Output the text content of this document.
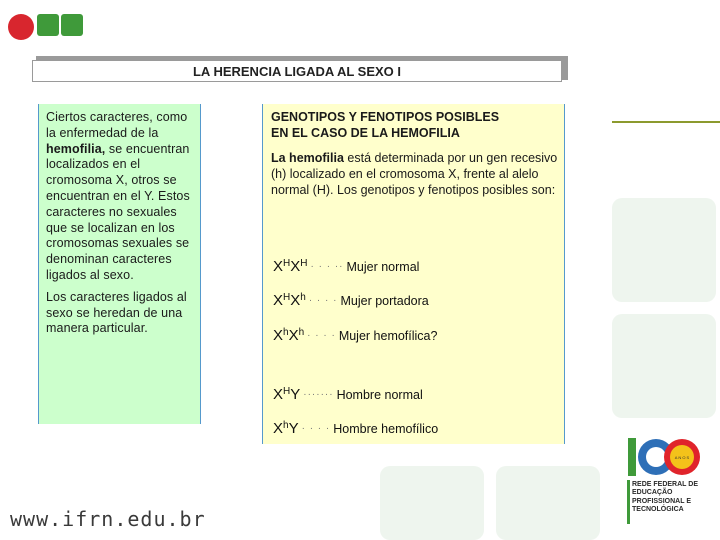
LA HERENCIA LIGADA AL SEXO I

Ciertos caracteres, como la enfermedad de la hemofilia, se encuentran localizados en el cromosoma X, otros se encuentran en el Y. Estos caracteres no sexuales que se localizan en los cromosomas sexuales se denominan caracteres ligados al sexo.

Los caracteres ligados al sexo se heredan de una manera particular.

GENOTIPOS Y FENOTIPOS POSIBLES
EN EL CASO DE LA HEMOFILIA

La hemofilia está determinada por un gen recesivo (h) localizado en el cromosoma X, frente al alelo normal (H). Los genotipos y fenotipos posibles son:

$X^HX^H$ · · · ·· Mujer normal
$X^HX^h$ · · · · Mujer portadora
$X^hX^h$ · · · · Mujer hemofílica?
$X^HY$ ······· Hombre normal
$X^hY$ · · · · Hombre hemofílico
www.ifrn.edu.br
A N O S
REDE FEDERAL DE EDUCAÇÃO PROFISSIONAL E TECNOLÓGICA
